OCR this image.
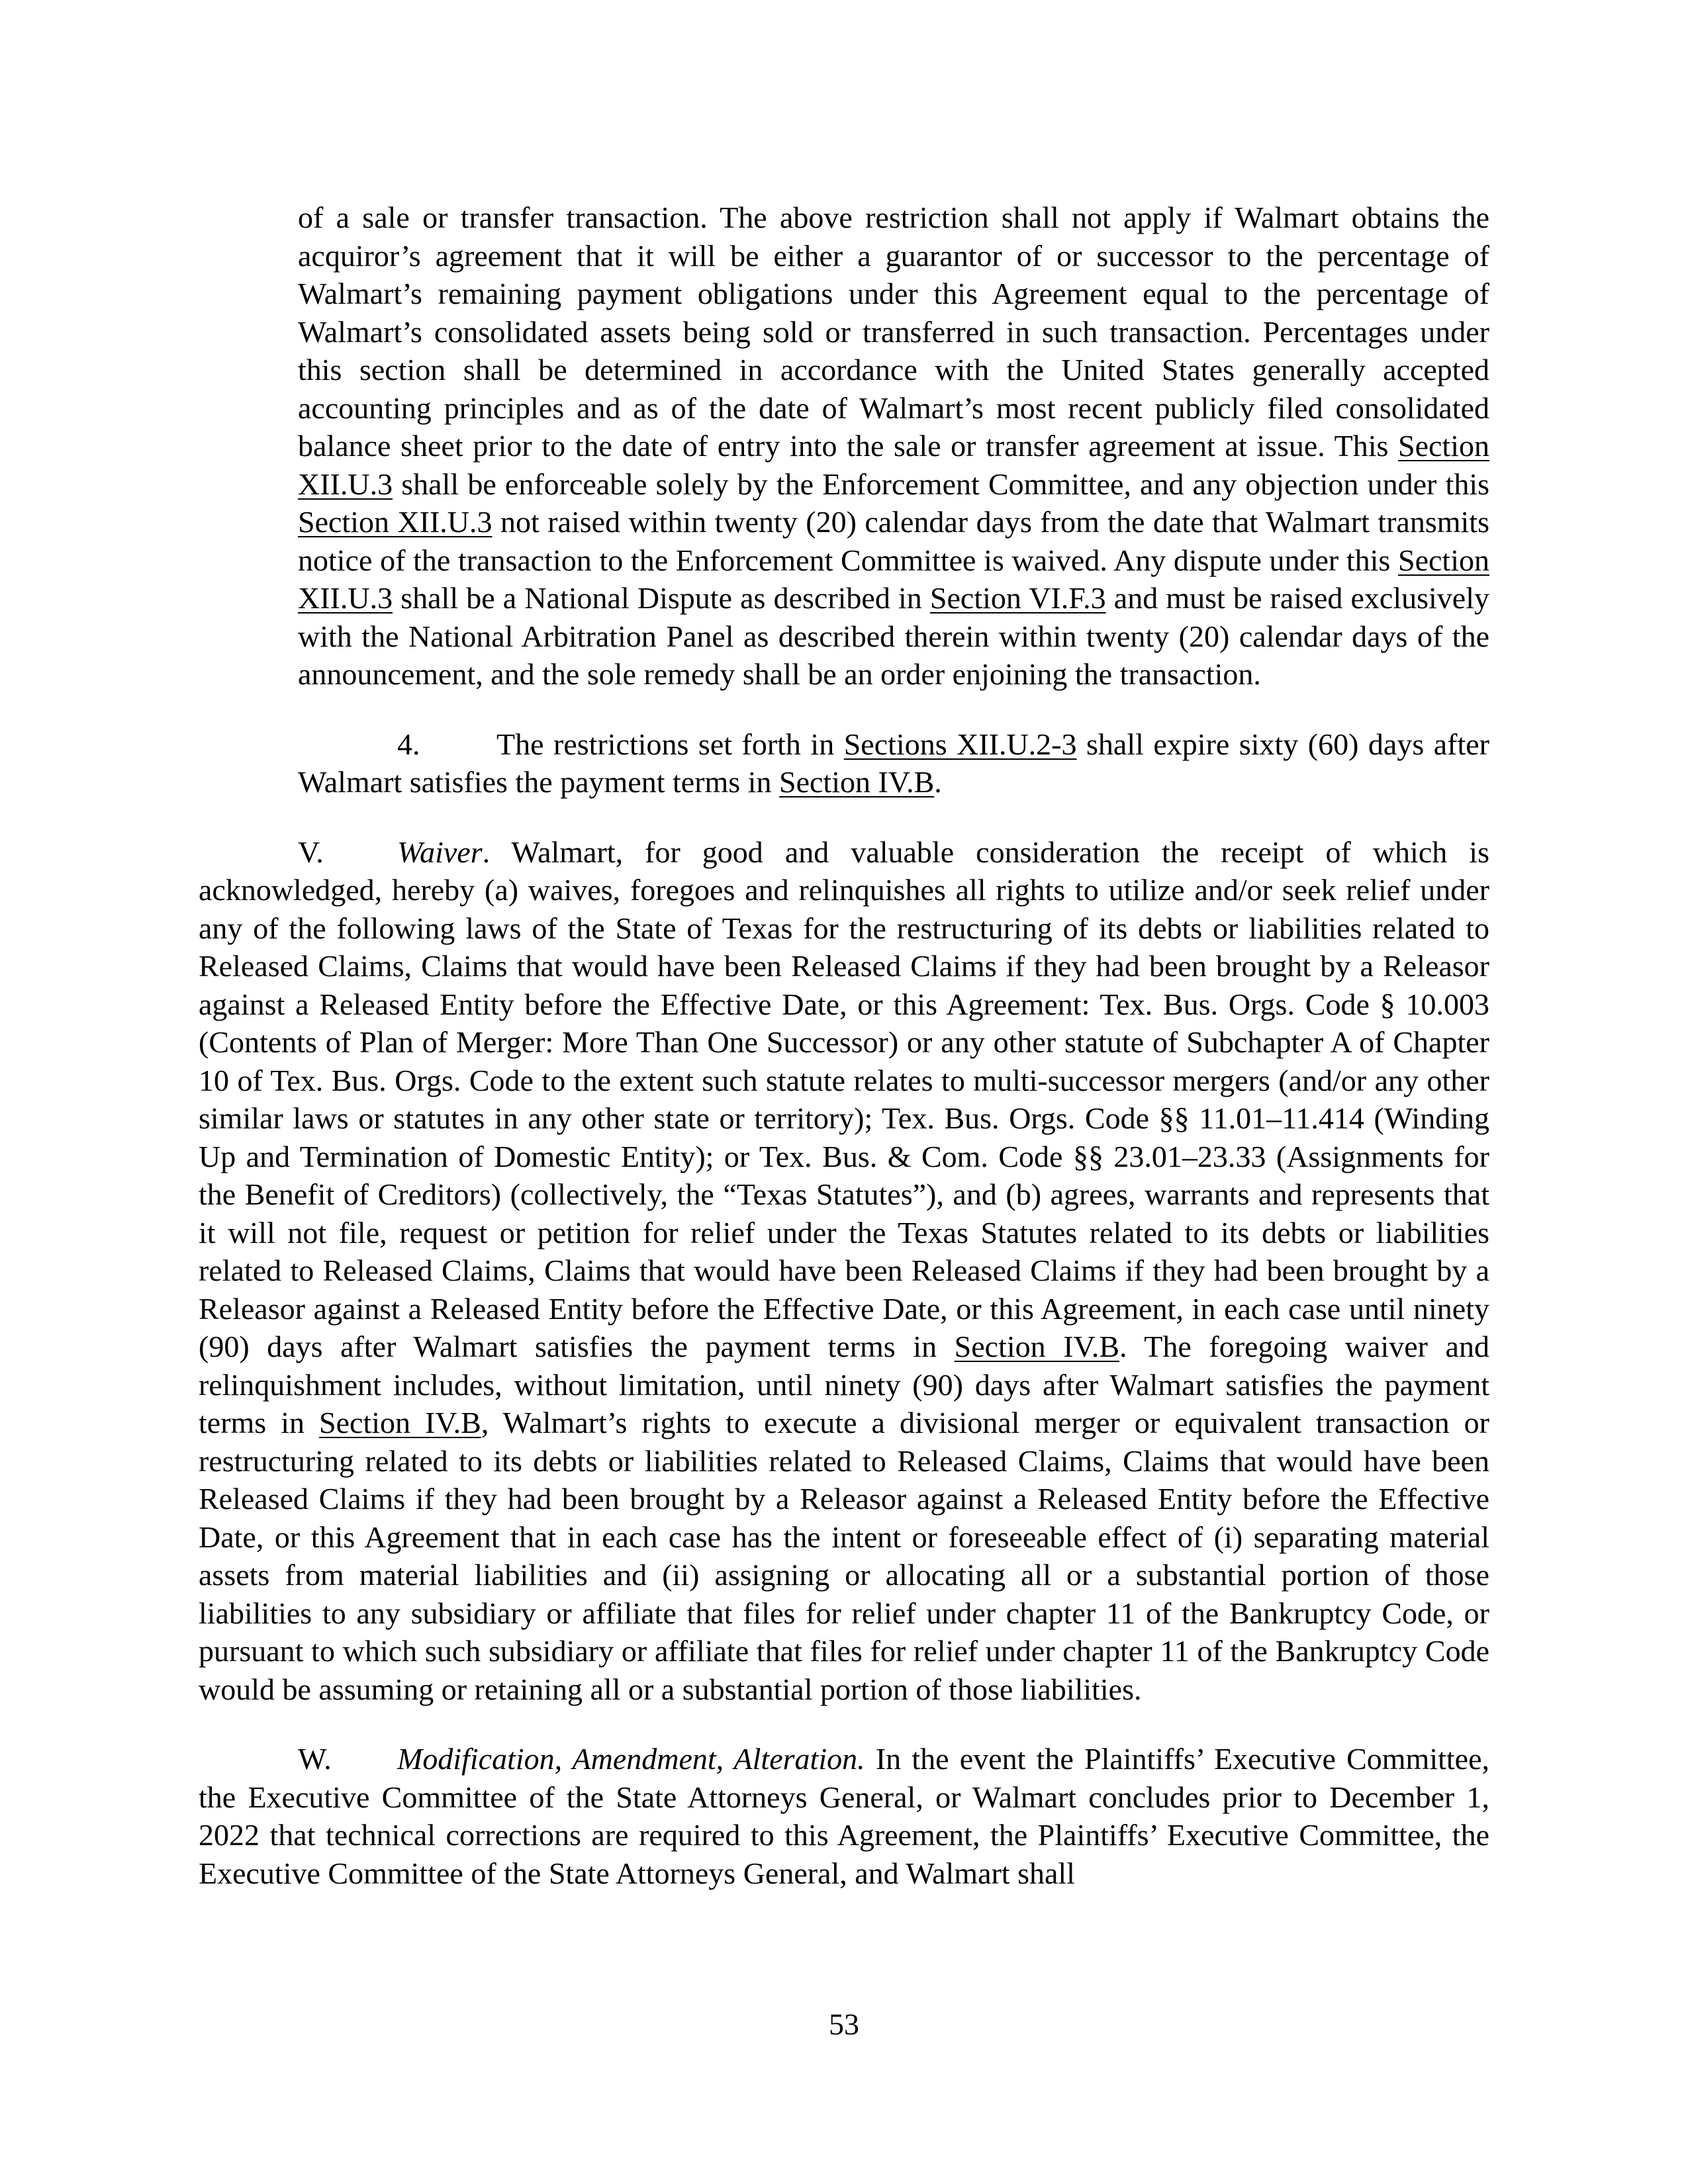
of a sale or transfer transaction. The above restriction shall not apply if Walmart obtains the acquiror’s agreement that it will be either a guarantor of or successor to the percentage of Walmart’s remaining payment obligations under this Agreement equal to the percentage of Walmart’s consolidated assets being sold or transferred in such transaction. Percentages under this section shall be determined in accordance with the United States generally accepted accounting principles and as of the date of Walmart’s most recent publicly filed consolidated balance sheet prior to the date of entry into the sale or transfer agreement at issue. This Section XII.U.3 shall be enforceable solely by the Enforcement Committee, and any objection under this Section XII.U.3 not raised within twenty (20) calendar days from the date that Walmart transmits notice of the transaction to the Enforcement Committee is waived. Any dispute under this Section XII.U.3 shall be a National Dispute as described in Section VI.F.3 and must be raised exclusively with the National Arbitration Panel as described therein within twenty (20) calendar days of the announcement, and the sole remedy shall be an order enjoining the transaction.

4.	The restrictions set forth in Sections XII.U.2-3 shall expire sixty (60) days after Walmart satisfies the payment terms in Section IV.B.

V. Waiver. Walmart, for good and valuable consideration the receipt of which is acknowledged, hereby (a) waives, foregoes and relinquishes all rights to utilize and/or seek relief under any of the following laws of the State of Texas for the restructuring of its debts or liabilities related to Released Claims, Claims that would have been Released Claims if they had been brought by a Releasor against a Released Entity before the Effective Date, or this Agreement: Tex. Bus. Orgs. Code § 10.003 (Contents of Plan of Merger: More Than One Successor) or any other statute of Subchapter A of Chapter 10 of Tex. Bus. Orgs. Code to the extent such statute relates to multi-successor mergers (and/or any other similar laws or statutes in any other state or territory); Tex. Bus. Orgs. Code §§ 11.01–11.414 (Winding Up and Termination of Domestic Entity); or Tex. Bus. & Com. Code §§ 23.01–23.33 (Assignments for the Benefit of Creditors) (collectively, the “Texas Statutes”), and (b) agrees, warrants and represents that it will not file, request or petition for relief under the Texas Statutes related to its debts or liabilities related to Released Claims, Claims that would have been Released Claims if they had been brought by a Releasor against a Released Entity before the Effective Date, or this Agreement, in each case until ninety (90) days after Walmart satisfies the payment terms in Section IV.B. The foregoing waiver and relinquishment includes, without limitation, until ninety (90) days after Walmart satisfies the payment terms in Section IV.B, Walmart’s rights to execute a divisional merger or equivalent transaction or restructuring related to its debts or liabilities related to Released Claims, Claims that would have been Released Claims if they had been brought by a Releasor against a Released Entity before the Effective Date, or this Agreement that in each case has the intent or foreseeable effect of (i) separating material assets from material liabilities and (ii) assigning or allocating all or a substantial portion of those liabilities to any subsidiary or affiliate that files for relief under chapter 11 of the Bankruptcy Code, or pursuant to which such subsidiary or affiliate that files for relief under chapter 11 of the Bankruptcy Code would be assuming or retaining all or a substantial portion of those liabilities.

W. Modification, Amendment, Alteration. In the event the Plaintiffs’ Executive Committee, the Executive Committee of the State Attorneys General, or Walmart concludes prior to December 1, 2022 that technical corrections are required to this Agreement, the Plaintiffs’ Executive Committee, the Executive Committee of the State Attorneys General, and Walmart shall

53
